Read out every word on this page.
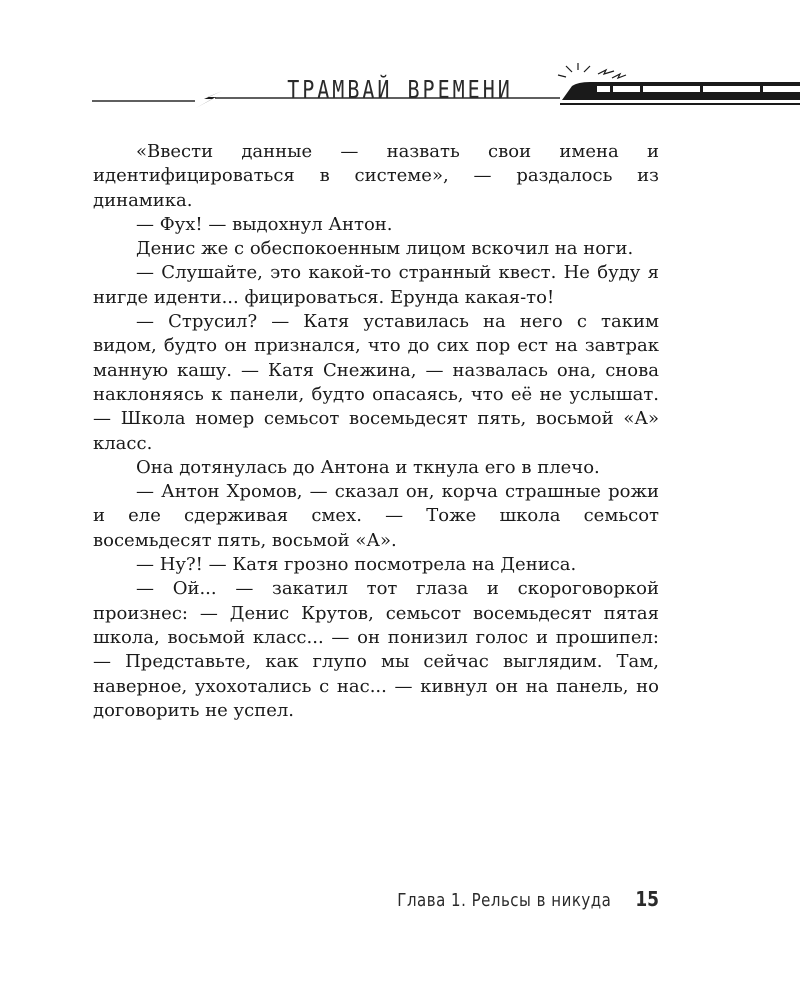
ТРАМВАЙ ВРЕМЕНИ

«Ввести данные — назвать свои имена и идентифицироваться в системе», — раздалось из динамика.

— Фух! — выдохнул Антон.

Денис же с обеспокоенным лицом вскочил на ноги.

— Слушайте, это какой-то странный квест. Не буду я нигде иденти... фицироваться. Ерунда какая-то!

— Струсил? — Катя уставилась на него с таким видом, будто он признался, что до сих пор ест на завтрак манную кашу. — Катя Снежина, — назвалась она, снова наклоняясь к панели, будто опасаясь, что её не услышат. — Школа номер семьсот восемьдесят пять, восьмой «А» класс.

Она дотянулась до Антона и ткнула его в плечо.

— Антон Хромов, — сказал он, корча страшные рожи и еле сдерживая смех. — Тоже школа семьсот восемьдесят пять, восьмой «А».

— Ну?! — Катя грозно посмотрела на Дениса.

— Ой... — закатил тот глаза и скороговоркой произнес: — Денис Крутов, семьсот восемьдесят пятая школа, восьмой класс... — он понизил голос и прошипел: — Представьте, как глупо мы сейчас выглядим. Там, наверное, ухохотались с нас... — кивнул он на панель, но договорить не успел.

Глава 1. Рельсы в никуда 15
